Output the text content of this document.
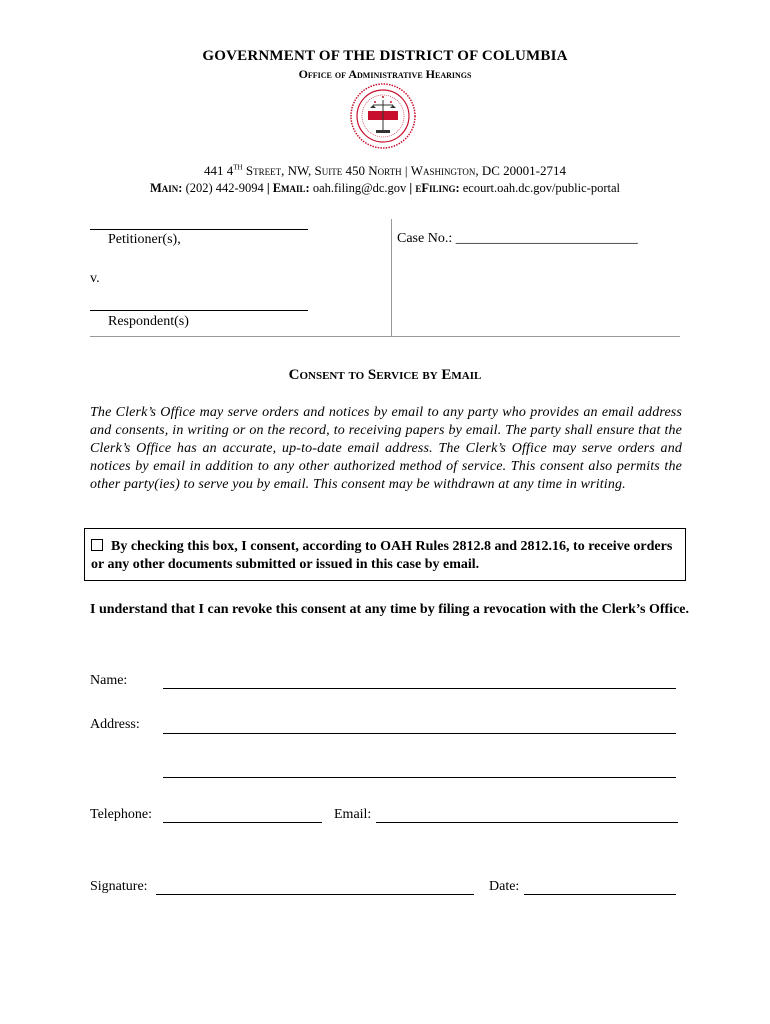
GOVERNMENT OF THE DISTRICT OF COLUMBIA
Office of Administrative Hearings
441 4TH Street, NW, Suite 450 North | Washington, DC 20001-2714
Main: (202) 442-9094 | Email: oah.filing@dc.gov | eFiling: ecourt.oah.dc.gov/public-portal
Petitioner(s),
v.
Respondent(s)
Case No.: __________________________
Consent to Service by Email
The Clerk’s Office may serve orders and notices by email to any party who provides an email address and consents, in writing or on the record, to receiving papers by email. The party shall ensure that the Clerk’s Office has an accurate, up-to-date email address. The Clerk’s Office may serve orders and notices by email in addition to any other authorized method of service. This consent also permits the other party(ies) to serve you by email. This consent may be withdrawn at any time in writing.
By checking this box, I consent, according to OAH Rules 2812.8 and 2812.16, to receive orders or any other documents submitted or issued in this case by email.
I understand that I can revoke this consent at any time by filing a revocation with the Clerk’s Office.
Name:
Address:
Telephone:	Email:
Signature:	Date:
